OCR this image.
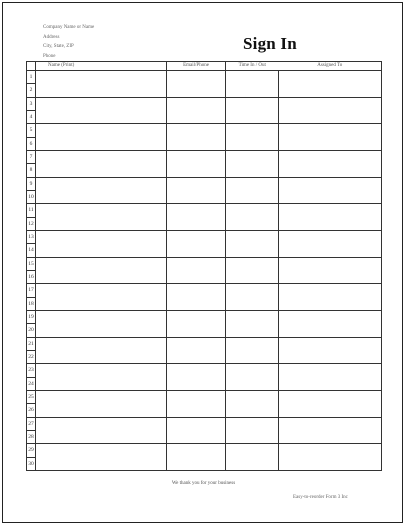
Company Name or Name
Address
City, State, ZIP
Phone
Sign In
We thank you for your business
Easy-to-reorder Form 3 Inc
	Name (Print)	Email/Phone	Time In / Out	Assigned To
1				
2				
3				
4				
5				
6				
7				
8				
9				
10				
11				
12				
13				
14				
15				
16				
17				
18				
19				
20				
21				
22				
23				
24				
25				
26				
27				
28				
29				
30				
